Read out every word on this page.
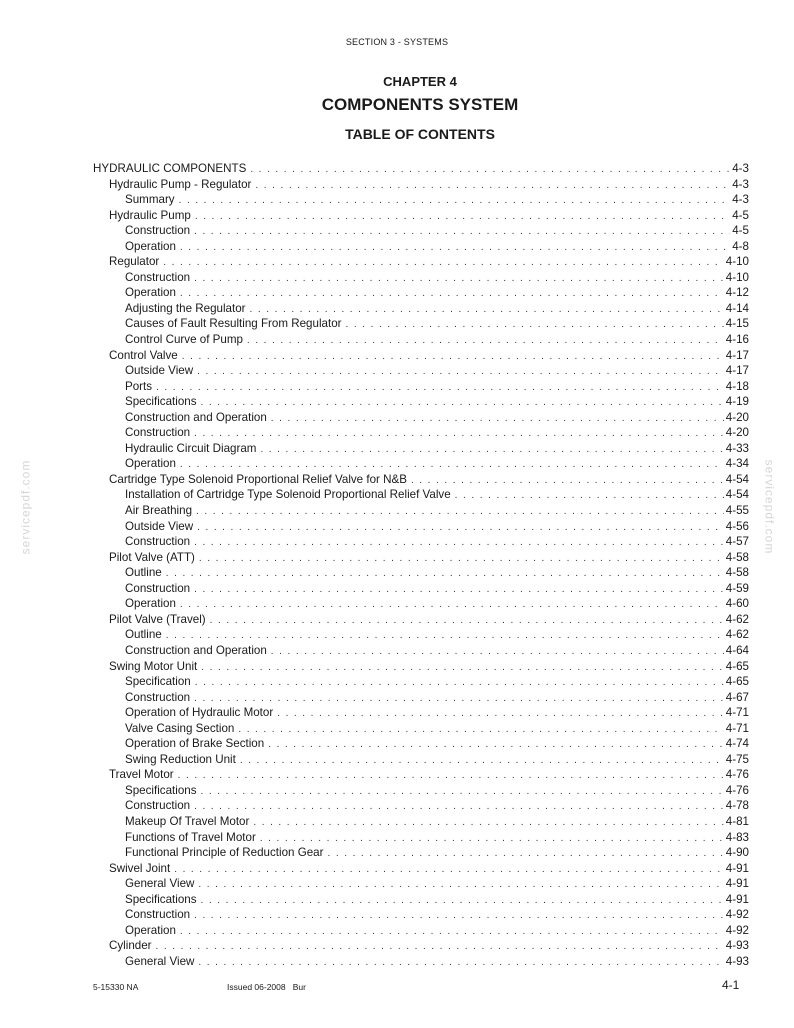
SECTION 3 - SYSTEMS
CHAPTER 4
COMPONENTS SYSTEM
TABLE OF CONTENTS
HYDRAULIC COMPONENTS . . .	4-3
Hydraulic Pump - Regulator . . .	4-3
Summary . . .	4-3
Hydraulic Pump . . .	4-5
Construction . . .	4-5
Operation . . .	4-8
Regulator . . .	4-10
Construction . . .	4-10
Operation . . .	4-12
Adjusting the Regulator . . .	4-14
Causes of Fault Resulting From Regulator . . .	4-15
Control Curve of Pump . . .	4-16
Control Valve . . .	4-17
Outside View . . .	4-17
Ports . . .	4-18
Specifications . . .	4-19
Construction and Operation . . .	4-20
Construction . . .	4-20
Hydraulic Circuit Diagram . . .	4-33
Operation . . .	4-34
Cartridge Type Solenoid Proportional Relief Valve for N&B . . .	4-54
Installation of Cartridge Type Solenoid Proportional Relief Valve . . .	4-54
Air Breathing . . .	4-55
Outside View . . .	4-56
Construction . . .	4-57
Pilot Valve (ATT) . . .	4-58
Outline . . .	4-58
Construction . . .	4-59
Operation . . .	4-60
Pilot Valve (Travel) . . .	4-62
Outline . . .	4-62
Construction and Operation . . .	4-64
Swing Motor Unit . . .	4-65
Specification . . .	4-65
Construction . . .	4-67
Operation of Hydraulic Motor . . .	4-71
Valve Casing Section . . .	4-71
Operation of Brake Section . . .	4-74
Swing Reduction Unit . . .	4-75
Travel Motor . . .	4-76
Specifications . . .	4-76
Construction . . .	4-78
Makeup Of Travel Motor . . .	4-81
Functions of Travel Motor . . .	4-83
Functional Principle of Reduction Gear . . .	4-90
Swivel Joint . . .	4-91
General View . . .	4-91
Specifications . . .	4-91
Construction . . .	4-92
Operation . . .	4-92
Cylinder . . .	4-93
General View . . .	4-93
servicepdf.com	servicepdf.com
5-15330 NA	Issued 06-2008 Bur	4-1
